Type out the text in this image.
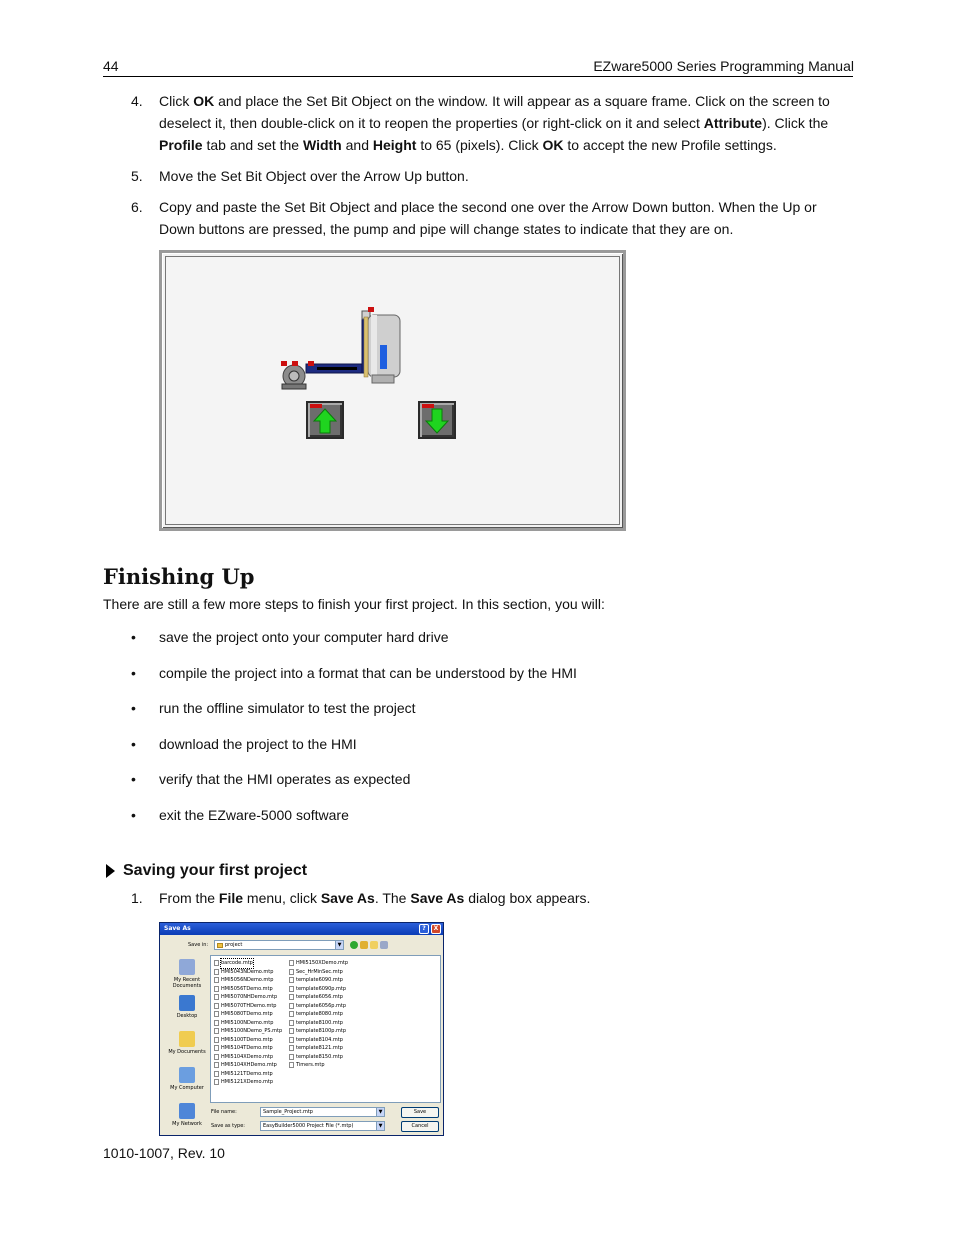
44	EZware5000 Series Programming Manual
4.	Click OK and place the Set Bit Object on the window. It will appear as a square frame. Click on the screen to deselect it, then double-click on it to reopen the properties (or right-click on it and select Attribute). Click the Profile tab and set the Width and Height to 65 (pixels). Click OK to accept the new Profile settings.
5.	Move the Set Bit Object over the Arrow Up button.
6.	Copy and paste the Set Bit Object and place the second one over the Arrow Down button. When the Up or Down buttons are pressed, the pump and pipe will change states to indicate that they are on.
Finishing Up
There are still a few more steps to finish your first project. In this section, you will:
•	save the project onto your computer hard drive
•	compile the project into a format that can be understood by the HMI
•	run the offline simulator to test the project
•	download the project to the HMI
•	verify that the HMI operates as expected
•	exit the EZware-5000 software
Saving your first project
1.	From the File menu, click Save As. The Save As dialog box appears.
Save As	?	X
Save in:	project	▼
My Recent Documents
Desktop
My Documents
My Computer
My Network
barcode.mtp
HMI5043NDemo.mtp
HMI5056NDemo.mtp
HMI5056TDemo.mtp
HMI5070NHDemo.mtp
HMI5070THDemo.mtp
HMI5080TDemo.mtp
HMI5100NDemo.mtp
HMI5100NDemo_PS.mtp
HMI5100TDemo.mtp
HMI5104TDemo.mtp
HMI5104XDemo.mtp
HMI5104XHDemo.mtp
HMI5121TDemo.mtp
HMI5121XDemo.mtp
HMI5150XDemo.mtp
Sec_HrMinSec.mtp
template6090.mtp
template6090p.mtp
template6056.mtp
template6056p.mtp
template8080.mtp
template8100.mtp
template8100p.mtp
template8104.mtp
template8121.mtp
template8150.mtp
Timers.mtp
File name:	Sample_Project.mtp	▼
Save as type:	EasyBuilder5000 Project File (*.mtp)	▼
Save
Cancel
1010-1007, Rev. 10
